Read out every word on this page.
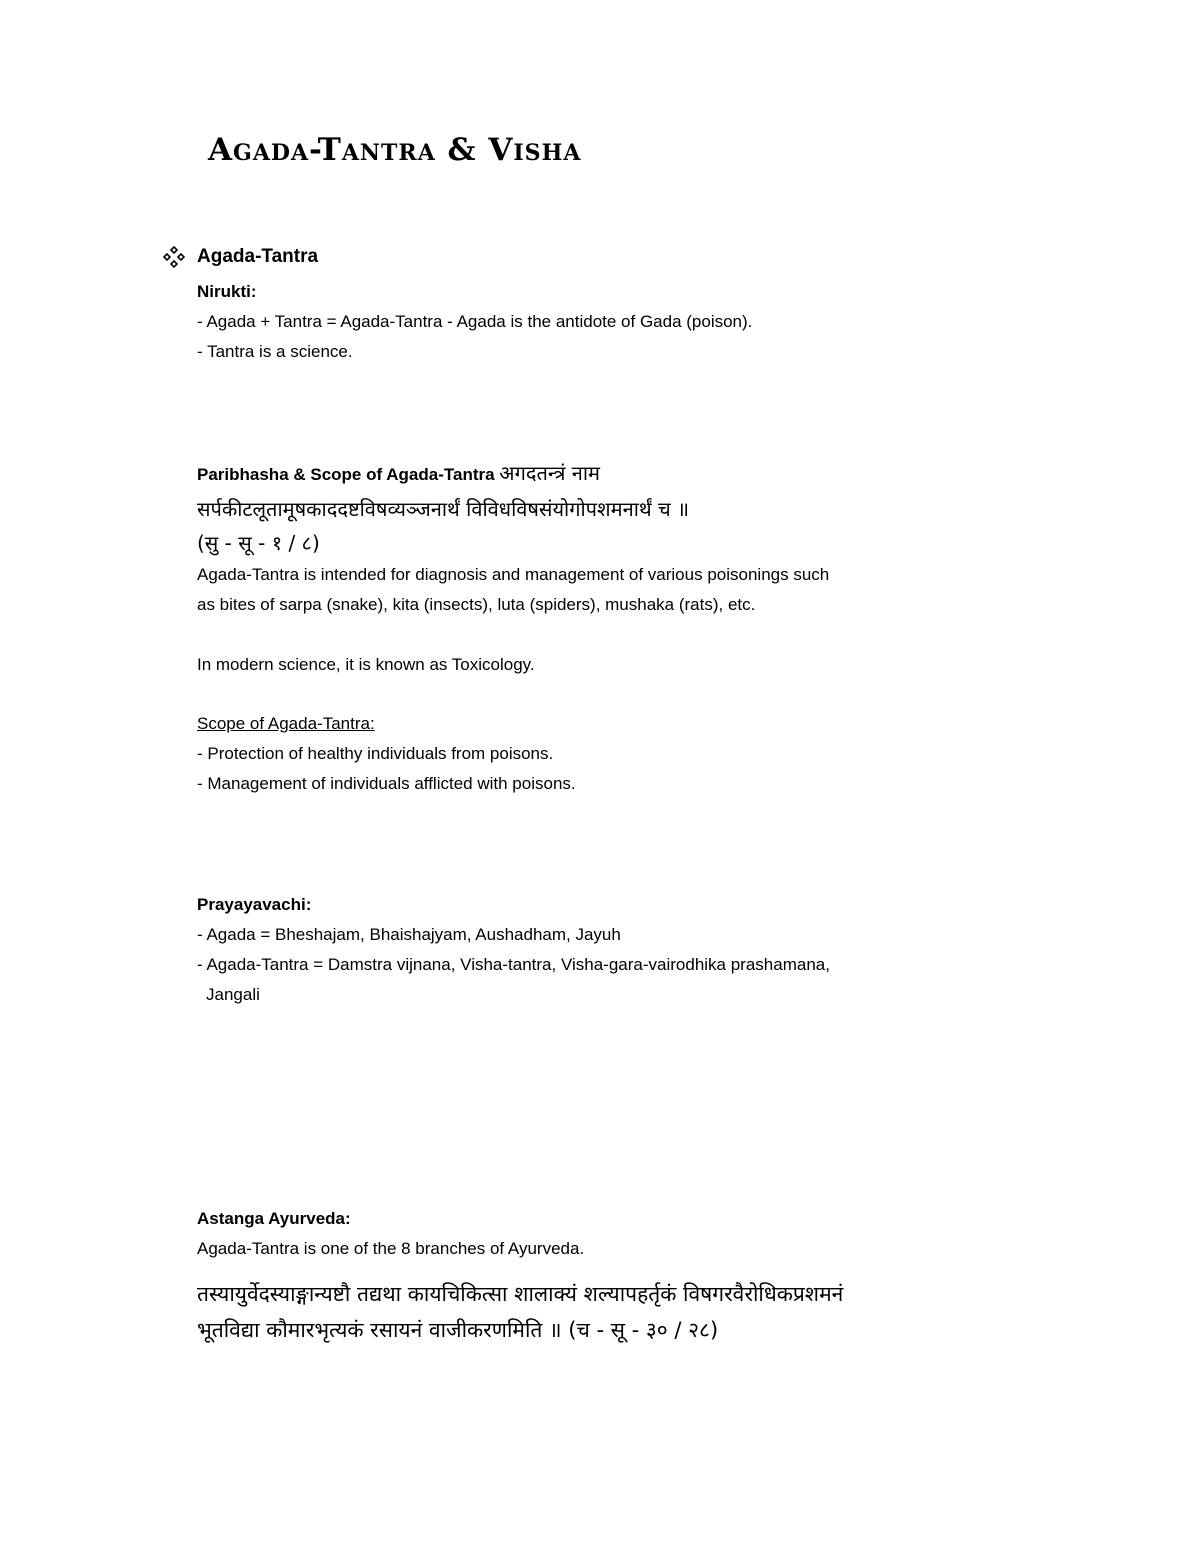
Agada-Tantra & Visha
Agada-Tantra
Nirukti:
- Agada + Tantra = Agada-Tantra - Agada is the antidote of Gada (poison).
- Tantra is a science.
Paribhasha & Scope of Agada-Tantra अगदतन्त्रं नाम
सर्पकीटलूतामूषकाददष्टविषव्यञ्जनार्थं विविधविषसंयोगोपशमनार्थं च ॥
(सु - सू - १ / ८)
Agada-Tantra is intended for diagnosis and management of various poisonings such
as bites of sarpa (snake), kita (insects), luta (spiders), mushaka (rats), etc.
In modern science, it is known as Toxicology.
Scope of Agada-Tantra:
- Protection of healthy individuals from poisons.
- Management of individuals afflicted with poisons.
Prayayavachi:
- Agada = Bheshajam, Bhaishajyam, Aushadham, Jayuh
- Agada-Tantra = Damstra vijnana, Visha-tantra, Visha-gara-vairodhika prashamana,
Jangali
Astanga Ayurveda:
Agada-Tantra is one of the 8 branches of Ayurveda.
तस्यायुर्वेदस्याङ्गान्यष्टौ तद्यथा कायचिकित्सा शालाक्यं शल्यापहर्तृकं विषगरवैरोधिकप्रशमनं
भूतविद्या कौमारभृत्यकं रसायनं वाजीकरणमिति ॥ (च - सू - ३० / २८)
